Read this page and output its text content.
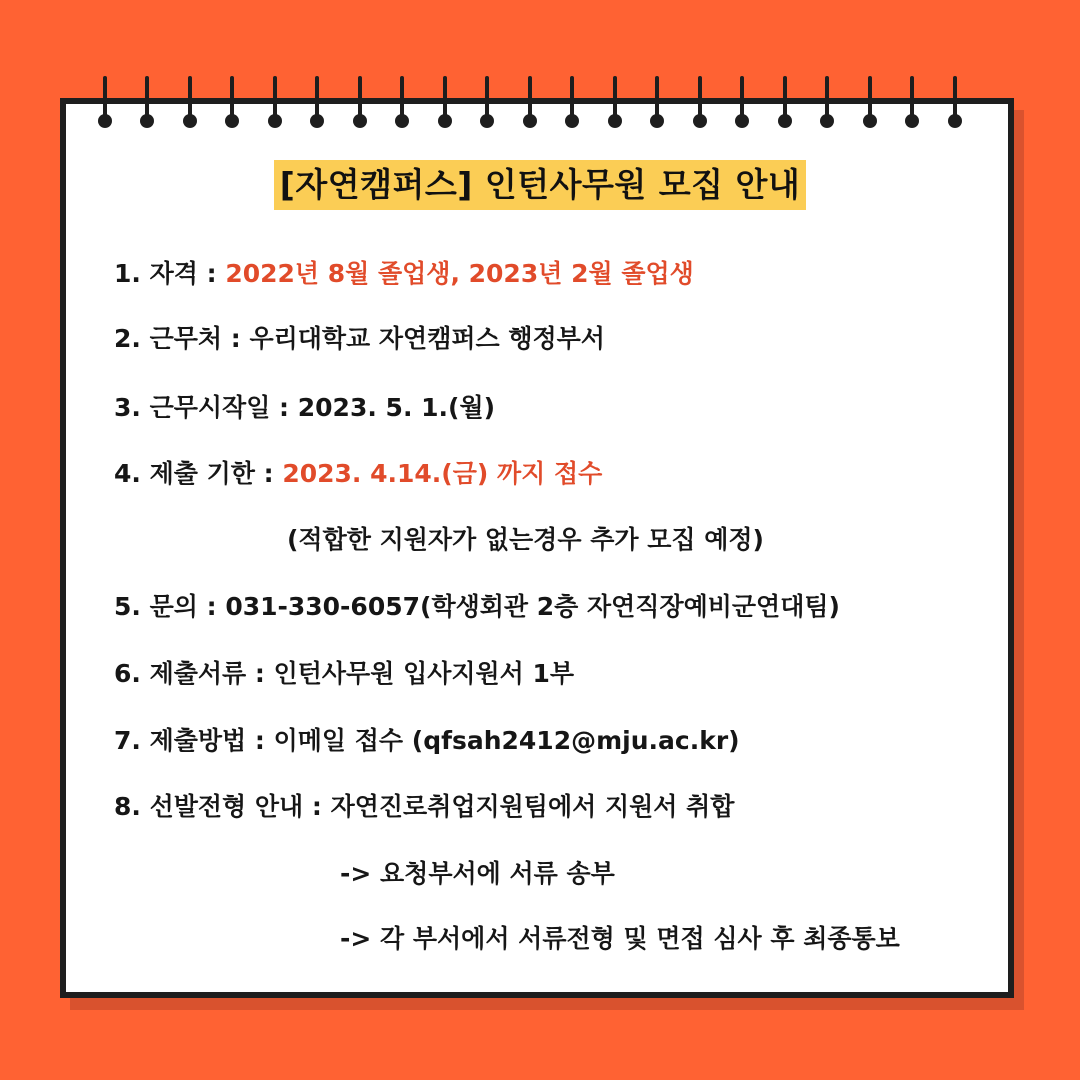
[자연캠퍼스] 인턴사무원 모집 안내
1. 자격 : 2022년 8월 졸업생, 2023년 2월 졸업생
2. 근무처 : 우리대학교 자연캠퍼스 행정부서
3. 근무시작일 : 2023. 5. 1.(월)
4. 제출 기한 : 2023. 4.14.(금) 까지 접수
(적합한 지원자가 없는경우 추가 모집 예정)
5. 문의 : 031-330-6057(학생회관 2층 자연직장예비군연대팀)
6. 제출서류 : 인턴사무원 입사지원서 1부
7. 제출방법 : 이메일 접수 (qfsah2412@mju.ac.kr)
8. 선발전형 안내 : 자연진로취업지원팀에서 지원서 취합
-> 요청부서에 서류 송부
-> 각 부서에서 서류전형 및 면접 심사 후 최종통보
